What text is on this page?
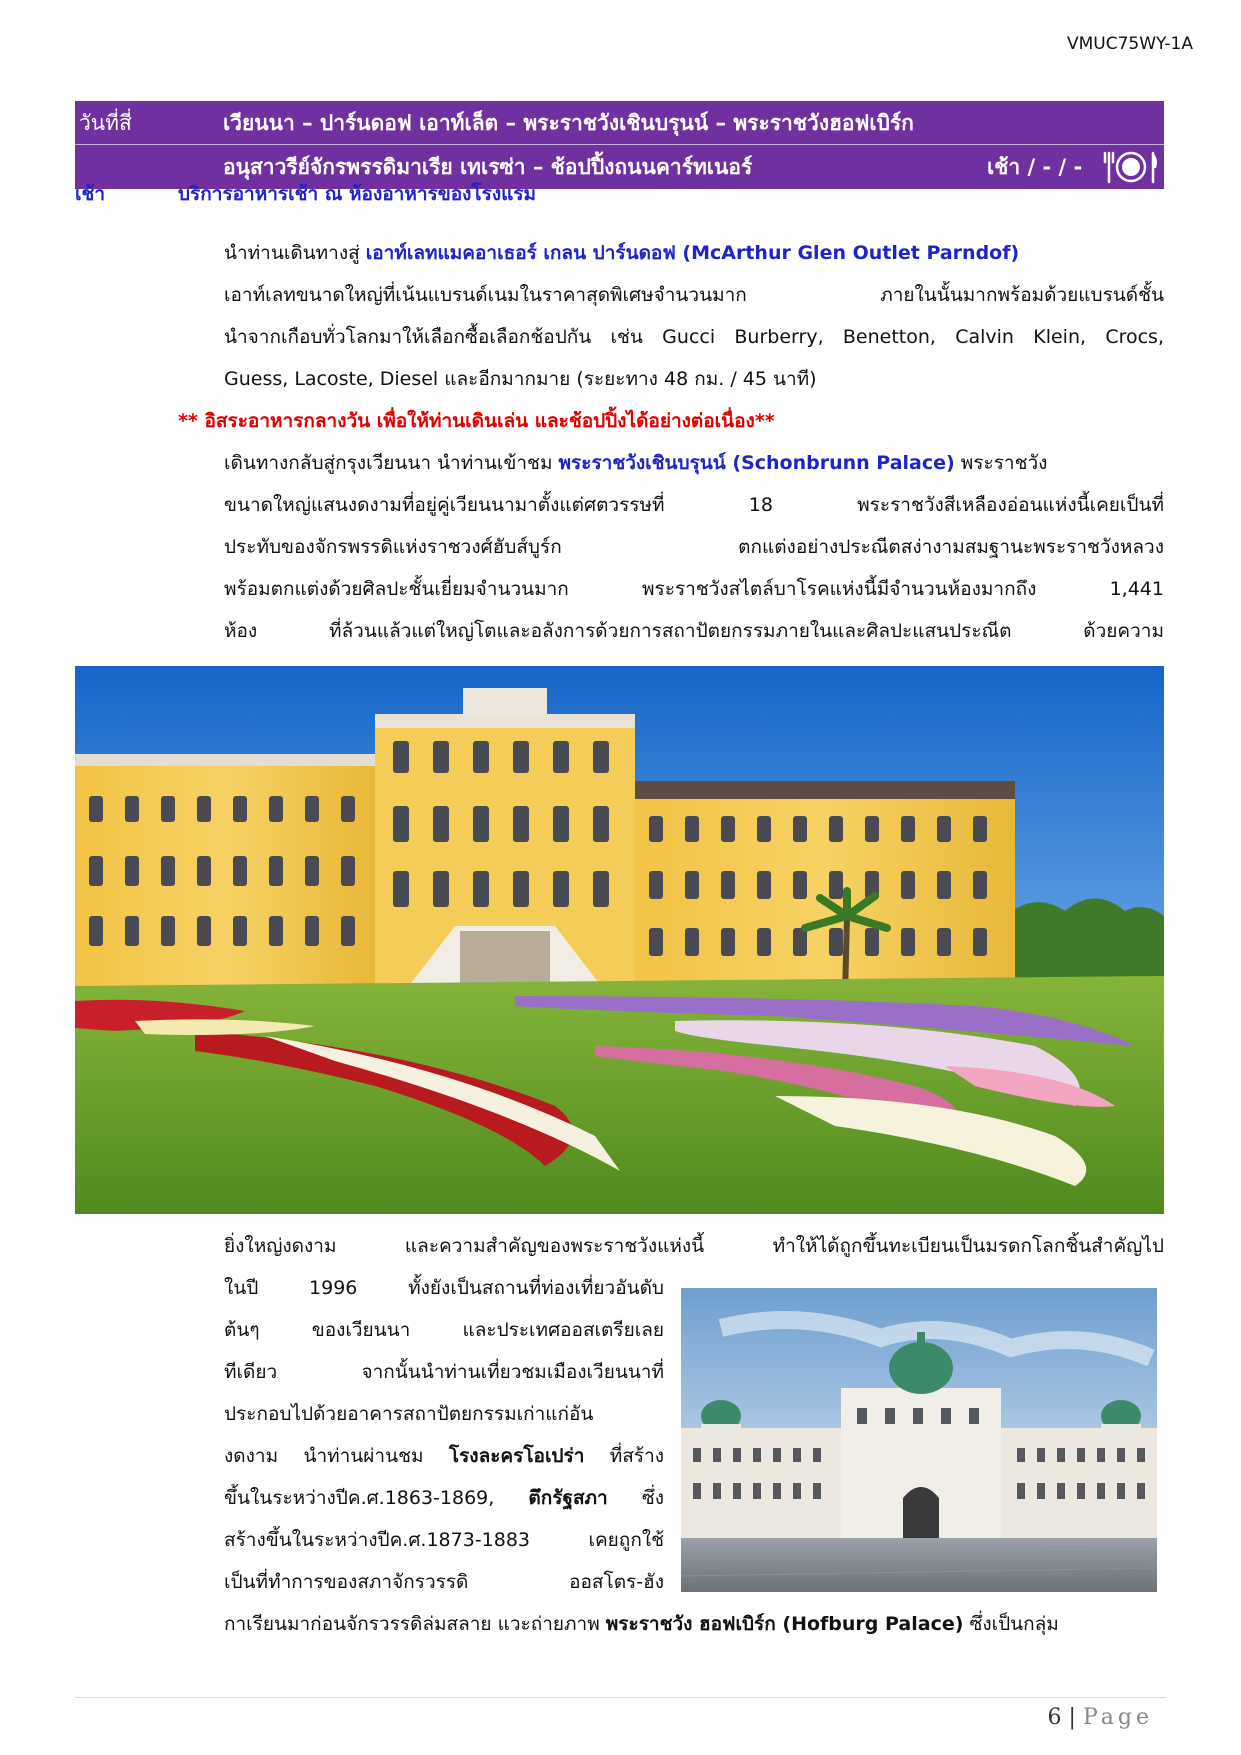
VMUC75WY-1A
วันที่สี่	เวียนนา – ปาร์นดอฟ เอาท์เล็ต – พระราชวังเชินบรุนน์ – พระราชวังฮอฟเบิร์ก
อนุสาวรีย์จักรพรรดิมาเรีย เทเรซ่า – ช้อปปิ้งถนนคาร์ทเนอร์	เช้า / - / -
เช้า	บริการอาหารเช้า ณ ห้องอาหารของโรงแรม
นำท่านเดินทางสู่ เอาท์เลทแมคอาเธอร์ เกลน ปาร์นดอฟ (McArthur Glen Outlet Parndof)
เอาท์เลทขนาดใหญ่ที่เน้นแบรนด์เนมในราคาสุดพิเศษจำนวนมาก ภายในนั้นมากพร้อมด้วยแบรนด์ชั้น
นำจากเกือบทั่วโลกมาให้เลือกซื้อเลือกช้อปกัน เช่น Gucci Burberry, Benetton, Calvin Klein, Crocs,
Guess, Lacoste, Diesel และอีกมากมาย (ระยะทาง 48 กม. / 45 นาที)
** อิสระอาหารกลางวัน เพื่อให้ท่านเดินเล่น และช้อปปิ้งได้อย่างต่อเนื่อง**
เดินทางกลับสู่กรุงเวียนนา นำท่านเข้าชม พระราชวังเชินบรุนน์ (Schonbrunn Palace) พระราชวัง
ขนาดใหญ่แสนงดงามที่อยู่คู่เวียนนามาตั้งแต่ศตวรรษที่ 18 พระราชวังสีเหลืองอ่อนแห่งนี้เคยเป็นที่
ประทับของจักรพรรดิแห่งราชวงศ์ฮับส์บูร์ก ตกแต่งอย่างประณีตสง่างามสมฐานะพระราชวังหลวง
พร้อมตกแต่งด้วยศิลปะชั้นเยี่ยมจำนวนมาก พระราชวังสไตล์บาโรคแห่งนี้มีจำนวนห้องมากถึง 1,441
ห้อง ที่ล้วนแล้วแต่ใหญ่โตและอลังการด้วยการสถาปัตยกรรมภายในและศิลปะแสนประณีต ด้วยความ
ยิ่งใหญ่งดงาม และความสำคัญของพระราชวังแห่งนี้ ทำให้ได้ถูกขึ้นทะเบียนเป็นมรดกโลกชิ้นสำคัญไป
ในปี 1996 ทั้งยังเป็นสถานที่ท่องเที่ยวอันดับ
ต้นๆ ของเวียนนา และประเทศออสเตรียเลย
ทีเดียว จากนั้นนำท่านเที่ยวชมเมืองเวียนนาที่
ประกอบไปด้วยอาคารสถาปัตยกรรมเก่าแก่อัน
งดงาม นำท่านผ่านชม โรงละครโอเปร่า ที่สร้าง
ขึ้นในระหว่างปีค.ศ.1863-1869, ตึกรัฐสภา ซึ่ง
สร้างขึ้นในระหว่างปีค.ศ.1873-1883 เคยถูกใช้
เป็นที่ทำการของสภาจักรวรรดิ ออสโตร-ฮัง
กาเรียนมาก่อนจักรวรรดิล่มสลาย แวะถ่ายภาพ พระราชวัง ฮอฟเบิร์ก (Hofburg Palace) ซึ่งเป็นกลุ่ม
6 | Page
